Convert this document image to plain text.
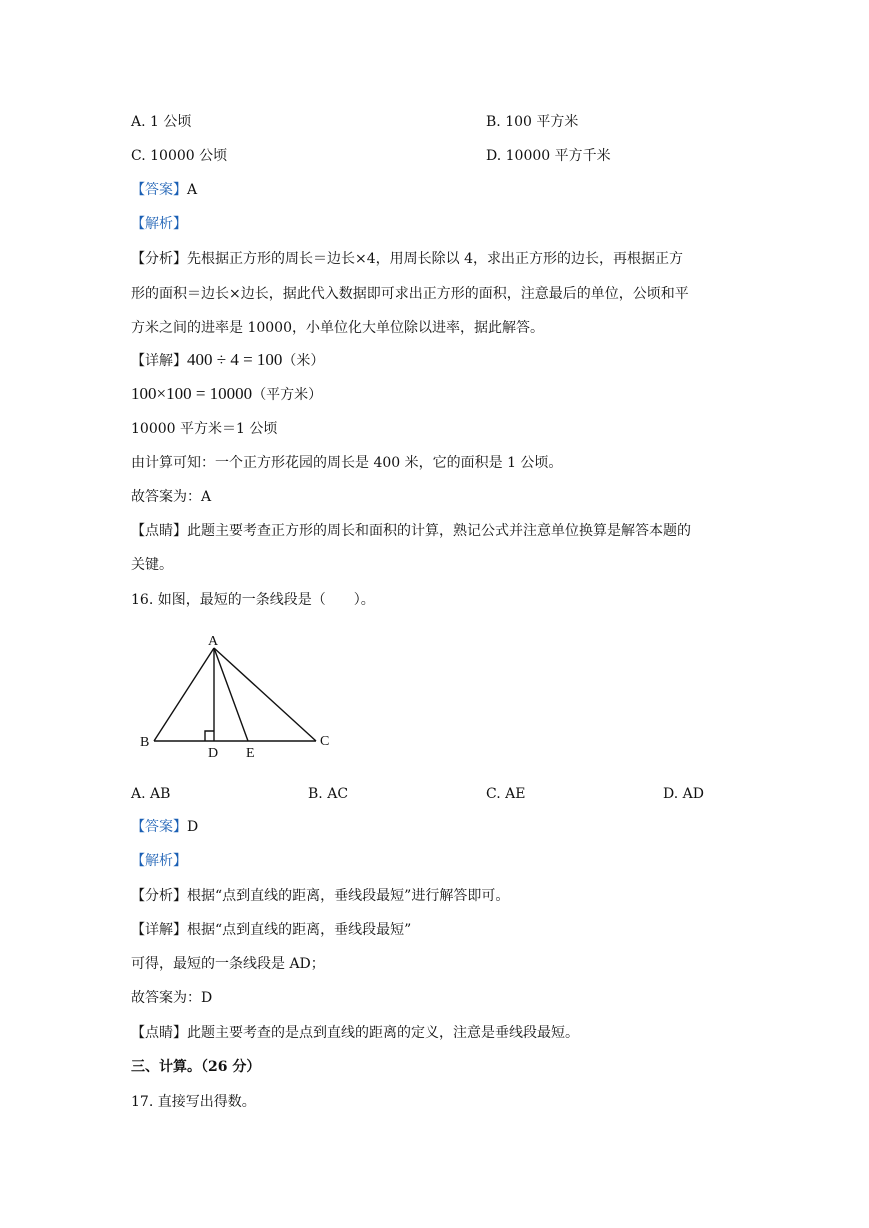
A. 1 公顷	B. 100 平方米
C. 10000 公顷	D. 10000 平方千米
【答案】A
【解析】
【分析】先根据正方形的周长＝边长×4，用周长除以 4，求出正方形的边长，再根据正方
形的面积＝边长×边长，据此代入数据即可求出正方形的面积，注意最后的单位，公顷和平
方米之间的进率是 10000，小单位化大单位除以进率，据此解答。
【详解】400 ÷ 4 = 100（米）
100×100 = 10000（平方米）
10000 平方米＝1 公顷
由计算可知：一个正方形花园的周长是 400 米，它的面积是 1 公顷。
故答案为：A
【点睛】此题主要考查正方形的周长和面积的计算，熟记公式并注意单位换算是解答本题的
关键。
16. 如图，最短的一条线段是（　　）。
A
B	C
D E
A. AB	B. AC	C. AE	D. AD
【答案】D
【解析】
【分析】根据“点到直线的距离，垂线段最短”进行解答即可。
【详解】根据“点到直线的距离，垂线段最短”
可得，最短的一条线段是 AD；
故答案为：D
【点睛】此题主要考查的是点到直线的距离的定义，注意是垂线段最短。
三、计算。（26 分）
17. 直接写出得数。
